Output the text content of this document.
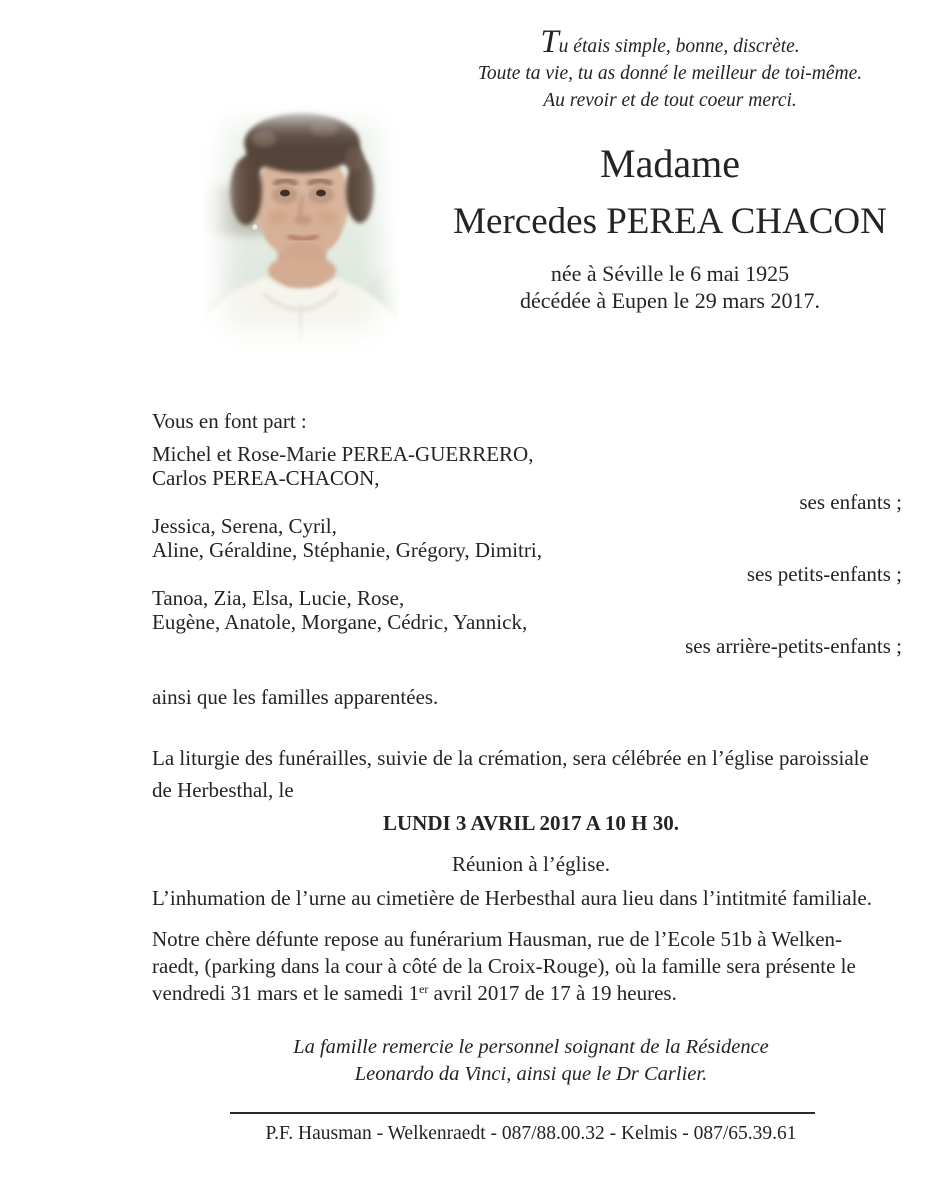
Tu étais simple, bonne, discrète.
Toute ta vie, tu as donné le meilleur de toi-même.
Au revoir et de tout coeur merci.
Madame
Mercedes PEREA CHACON
née à Séville le 6 mai 1925
décédée à Eupen le 29 mars 2017.
Vous en font part :
Michel et Rose-Marie PEREA-GUERRERO,
Carlos PEREA-CHACON,
ses enfants ;
Jessica, Serena, Cyril,
Aline, Géraldine, Stéphanie, Grégory, Dimitri,
ses petits-enfants ;
Tanoa, Zia, Elsa, Lucie, Rose,
Eugène, Anatole, Morgane, Cédric, Yannick,
ses arrière-petits-enfants ;
ainsi que les familles apparentées.
La liturgie des funérailles, suivie de la crémation, sera célébrée en l’église paroissiale
de Herbesthal, le
LUNDI 3 AVRIL 2017 A 10 H 30.
Réunion à l’église.
L’inhumation de l’urne au cimetière de Herbesthal aura lieu dans l’intitmité familiale.
Notre chère défunte repose au funérarium Hausman, rue de l’Ecole 51b à Welken-
raedt, (parking dans la cour à côté de la Croix-Rouge), où la famille sera présente le
vendredi 31 mars et le samedi 1er avril 2017 de 17 à 19 heures.
La famille remercie le personnel soignant de la Résidence
Leonardo da Vinci, ainsi que le Dr Carlier.
P.F. Hausman - Welkenraedt - 087/88.00.32 - Kelmis - 087/65.39.61
